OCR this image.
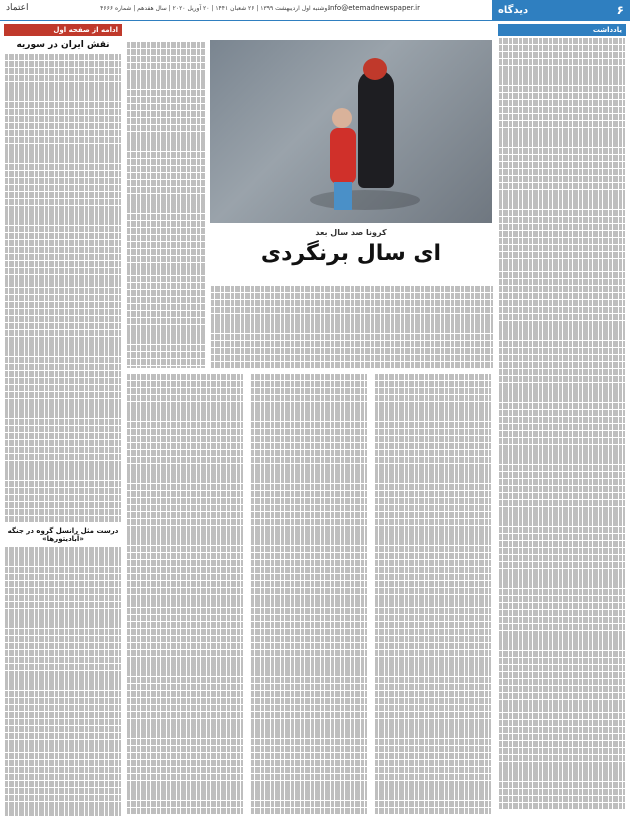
۶
دیدگاه
Info@etemadnewspaper.ir
دوشنبه اول اردیبهشت ۱۳۹۹ | ۲۶ شعبان ۱۴۴۱ | ۲۰ آوریل ۲۰۲۰ | سال هفدهم | شماره ۴۶۶۶
اعتماد
یادداشت
ادامه از صفحه اول
نقش ایران در سوریه
درست مثل رانسل گروه در جنگه «آبادیتورها»
کرونا صد سال بعد
ای سال برنگردی
